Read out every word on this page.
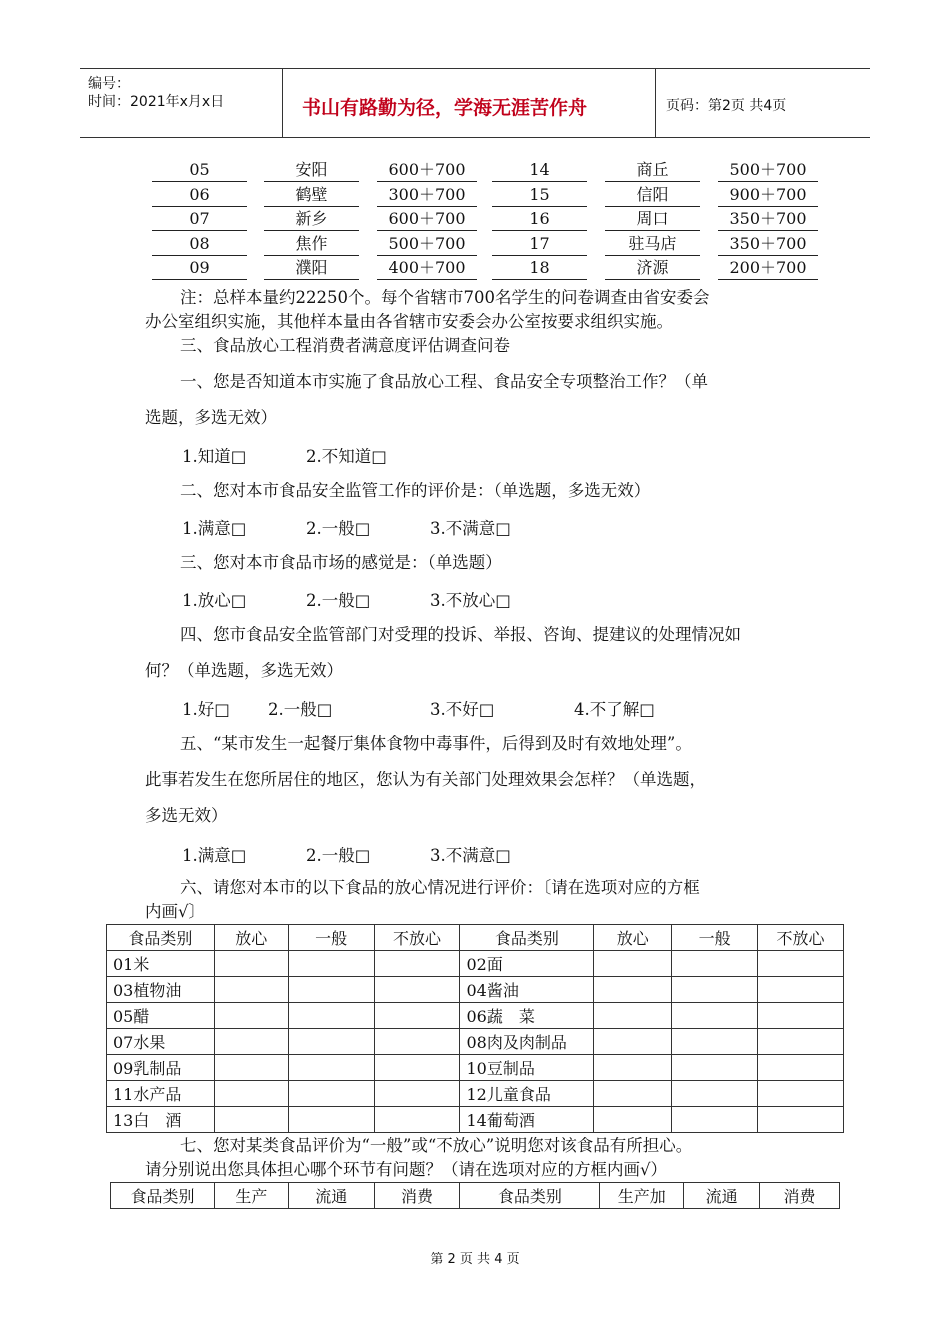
编号：
时间：2021年x月x日	书山有路勤为径，学海无涯苦作舟	页码：第2页 共4页
05	安阳	600＋700	14	商丘	500＋700
06	鹤壁	300＋700	15	信阳	900＋700
07	新乡	600＋700	16	周口	350＋700
08	焦作	500＋700	17	驻马店	350＋700
09	濮阳	400＋700	18	济源	200＋700
注：总样本量约22250个。每个省辖市700名学生的问卷调查由省安委会
办公室组织实施，其他样本量由各省辖市安委会办公室按要求组织实施。
三、食品放心工程消费者满意度评估调查问卷
一、您是否知道本市实施了食品放心工程、食品安全专项整治工作？（单
选题，多选无效）
1.知道□	2.不知道□
二、您对本市食品安全监管工作的评价是：（单选题，多选无效）
1.满意□	2.一般□	3.不满意□
三、您对本市食品市场的感觉是：（单选题）
1.放心□	2.一般□	3.不放心□
四、您市食品安全监管部门对受理的投诉、举报、咨询、提建议的处理情况如
何？（单选题，多选无效）
1.好□ 2.一般□	3.不好□	4.不了解□
五、“某市发生一起餐厅集体食物中毒事件，后得到及时有效地处理”。
此事若发生在您所居住的地区，您认为有关部门处理效果会怎样？（单选题，
多选无效）
1.满意□	2.一般□	3.不满意□
六、请您对本市的以下食品的放心情况进行评价：〔请在选项对应的方框
内画√〕
食品类别	放心	一般	不放心	食品类别	放心	一般	不放心
01米				02面			
03植物油				04酱油			
05醋				06蔬　菜			
07水果				08肉及肉制品			
09乳制品				10豆制品			
11水产品				12儿童食品			
13白　酒				14葡萄酒			
七、您对某类食品评价为“一般”或“不放心”说明您对该食品有所担心。
请分别说出您具体担心哪个环节有问题？（请在选项对应的方框内画√）
食品类别	生产	流通	消费	食品类别	生产加	流通	消费
第 2 页 共 4 页
